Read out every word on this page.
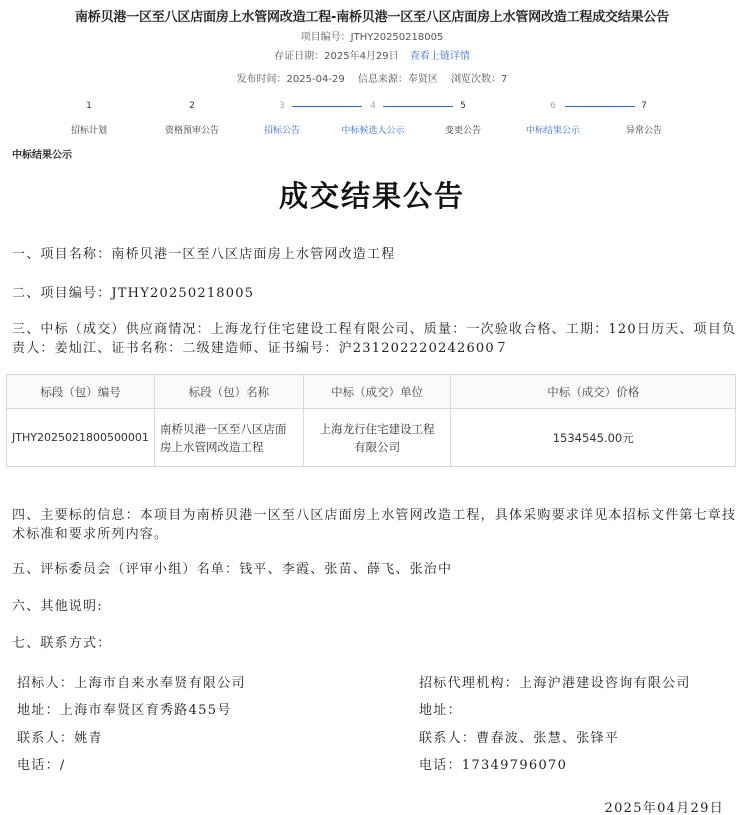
南桥贝港一区至八区店面房上水管网改造工程-南桥贝港一区至八区店面房上水管网改造工程成交结果公告
项目编号：JTHY20250218005
存证日期：2025年4月29日 查看上链详情
发布时间：2025-04-29 信息来源：奉贤区 浏览次数：7
1	2	3	4	5	6	7
招标计划	资格预审公告	招标公告	中标候选人公示	变更公告	中标结果公示	异常公告
中标结果公示
成交结果公告
一、项目名称：南桥贝港一区至八区店面房上水管网改造工程
二、项目编号：JTHY20250218005
三、中标（成交）供应商情况：上海龙行住宅建设工程有限公司、质量：一次验收合格、工期：120日历天、项目负责人：姜灿江、证书名称：二级建造师、证书编号：沪231202220242600７
标段（包）编号	标段（包）名称	中标（成交）单位	中标（成交）价格
JTHY2025021800500001	南桥贝港一区至八区店面房上水管网改造工程	上海龙行住宅建设工程有限公司	1534545.00元
四、主要标的信息：本项目为南桥贝港一区至八区店面房上水管网改造工程，具体采购要求详见本招标文件第七章技术标准和要求所列内容。
五、评标委员会（评审小组）名单：钱平、李霞、张苗、薛飞、张治中
六、其他说明:
七、联系方式：
招标人：上海市自来水奉贤有限公司
地址：上海市奉贤区育秀路455号
联系人：姚青
电话：/
招标代理机构：上海沪港建设咨询有限公司
地址：
联系人：曹春波、张慧、张锋平
电话：17349796070
2025年04月29日
